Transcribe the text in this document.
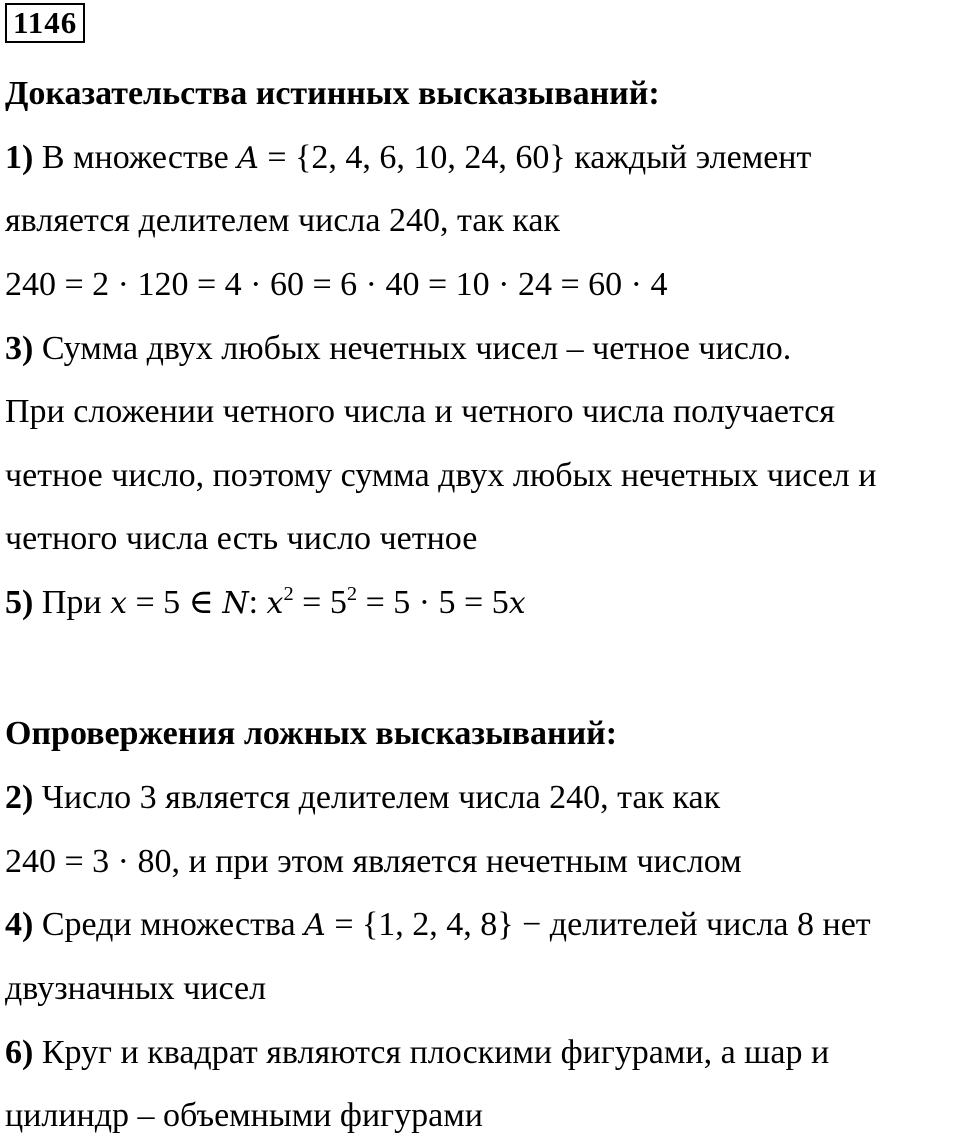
1146
Доказательства истинных высказываний:
1) В множестве A = {2, 4, 6, 10, 24, 60} каждый элемент
является делителем числа 240, так как
240 = 2 · 120 = 4 · 60 = 6 · 40 = 10 · 24 = 60 · 4
3) Сумма двух любых нечетных чисел – четное число.
При сложении четного числа и четного числа получается
четное число, поэтому сумма двух любых нечетных чисел и
четного числа есть число четное
5) При x = 5 ∈ N: $x^2 = 5^2 = 5 \cdot 5 = 5x$
Опровержения ложных высказываний:
2) Число 3 является делителем числа 240, так как
240 = 3 · 80, и при этом является нечетным числом
4) Среди множества A = {1, 2, 4, 8} − делителей числа 8 нет
двузначных чисел
6) Круг и квадрат являются плоскими фигурами, а шар и
цилиндр – объемными фигурами
